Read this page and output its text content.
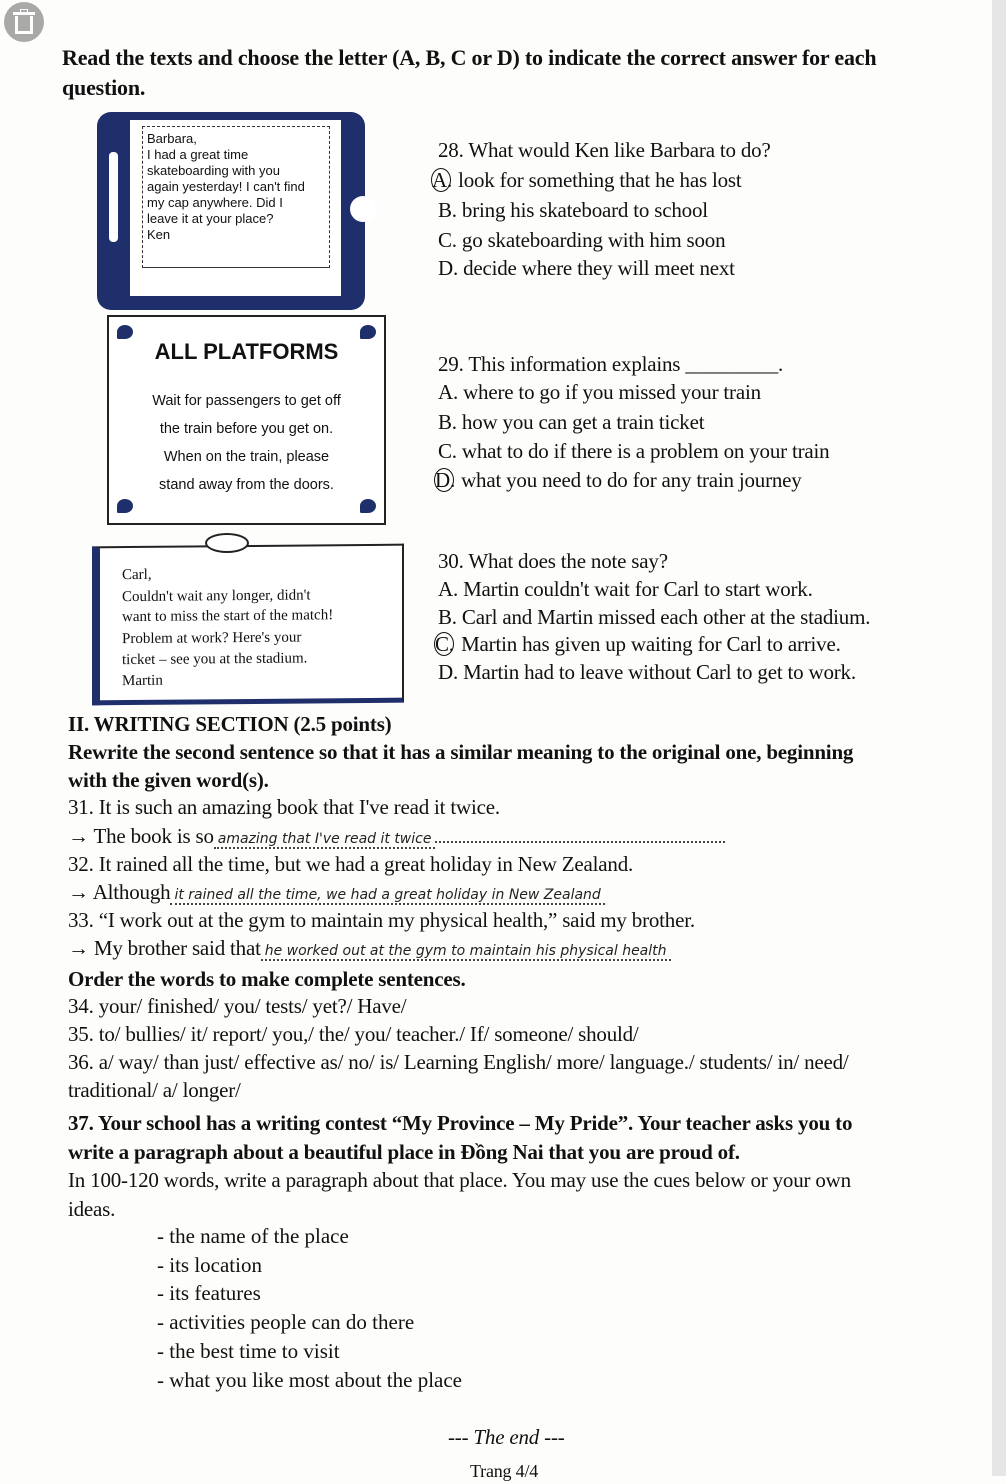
Read the texts and choose the letter (A, B, C or D) to indicate the correct answer for each
question.
Barbara,
I had a great time
skateboarding with you
again yesterday! I can't find
my cap anywhere. Did I
leave it at your place?
Ken
ALL PLATFORMS
Wait for passengers to get off
the train before you get on.
When on the train, please
stand away from the doors.
Carl,
Couldn't wait any longer, didn't
want to miss the start of the match!
Problem at work? Here's your
ticket – see you at the stadium.
Martin
28. What would Ken like Barbara to do?
A. look for something that he has lost
B. bring his skateboard to school
C. go skateboarding with him soon
D. decide where they will meet next
29. This information explains _________.
A. where to go if you missed your train
B. how you can get a train ticket
C. what to do if there is a problem on your train
D. what you need to do for any train journey
30. What does the note say?
A. Martin couldn't wait for Carl to start work.
B. Carl and Martin missed each other at the stadium.
C. Martin has given up waiting for Carl to arrive.
D. Martin had to leave without Carl to get to work.
II. WRITING SECTION (2.5 points)
Rewrite the second sentence so that it has a similar meaning to the original one, beginning
with the given word(s).
31. It is such an amazing book that I've read it twice.
→ The book is so amazing that I've read it twice
32. It rained all the time, but we had a great holiday in New Zealand.
→ Although it rained all the time, we had a great holiday in New Zealand
33. “I work out at the gym to maintain my physical health,” said my brother.
→ My brother said that he worked out at the gym to maintain his physical health
Order the words to make complete sentences.
34. your/ finished/ you/ tests/ yet?/ Have/
35. to/ bullies/ it/ report/ you,/ the/ you/ teacher./ If/ someone/ should/
36. a/ way/ than just/ effective as/ no/ is/ Learning English/ more/ language./ students/ in/ need/
traditional/ a/ longer/
37. Your school has a writing contest “My Province – My Pride”. Your teacher asks you to
write a paragraph about a beautiful place in Đồng Nai that you are proud of.
In 100-120 words, write a paragraph about that place. You may use the cues below or your own
ideas.
- the name of the place
- its location
- its features
- activities people can do there
- the best time to visit
- what you like most about the place
--- The end ---
Trang 4/4
